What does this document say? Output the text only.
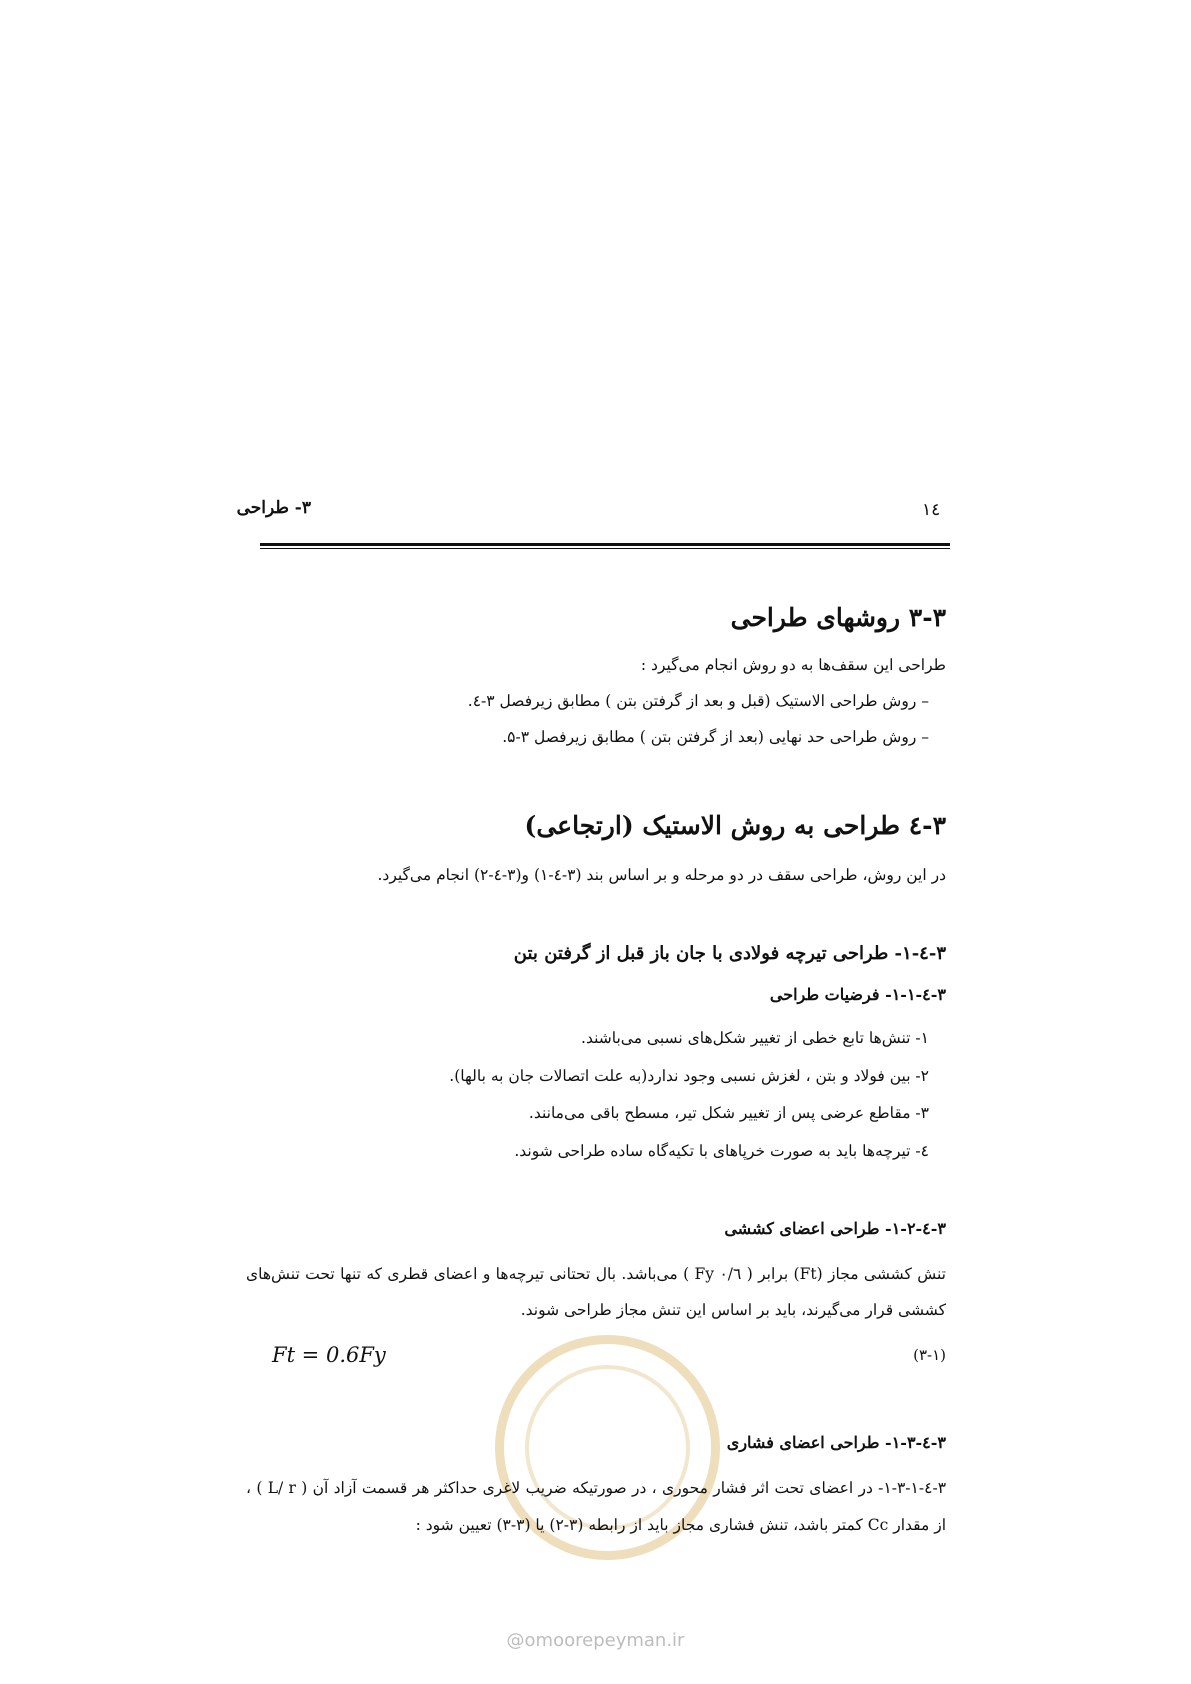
۳- طراحی	١٤
۳-۳ روشهای طراحی
طراحی این سقف‌ها به دو روش انجام می‌گیرد :
– روش طراحی الاستیک (قبل و بعد از گرفتن بتن ) مطابق زیرفصل ۳-٤.
– روش طراحی حد نهایی (بعد از گرفتن بتن ) مطابق زیرفصل ۳-۵.
۳-٤ طراحی به روش الاستیک (ارتجاعی)
در این روش، طراحی سقف در دو مرحله و بر اساس بند (۳-٤-۱) و(۳-٤-۲) انجام می‌گیرد.
۳-٤-۱- طراحی تیرچه فولادی با جان باز قبل از گرفتن بتن
۳-٤-۱-۱- فرضیات طراحی
۱- تنش‌ها تابع خطی از تغییر شکل‌های نسبی می‌باشند.
۲- بین فولاد و بتن ، لغزش نسبی وجود ندارد(به علت اتصالات جان به بالها).
۳- مقاطع عرضی پس از تغییر شکل تیر، مسطح باقی می‌مانند.
٤- تیرچه‌ها باید به صورت خرپاهای با تکیه‌گاه ساده طراحی شوند.
۳-٤-۱-۲- طراحی اعضای کششی
تنش کششی مجاز (Ft) برابر ( ۰/٦ Fy ) می‌باشد. بال تحتانی تیرچه‌ها و اعضای قطری که تنها تحت تنش‌های کششی قرار می‌گیرند، باید بر اساس این تنش مجاز طراحی شوند.
Ft = 0.6Fy	(۳-۱)
۳-٤-۱-۳- طراحی اعضای فشاری
۳-٤-۱-۳-۱- در اعضای تحت اثر فشار محوری ، در صورتیکه ضریب لاغری حداکثر هر قسمت آزاد آن ( L/ r ) ، از مقدار Cc کمتر باشد، تنش فشاری مجاز باید از رابطه (۳-۲) یا (۳-۳) تعیین شود :
@omoorepeyman.ir
